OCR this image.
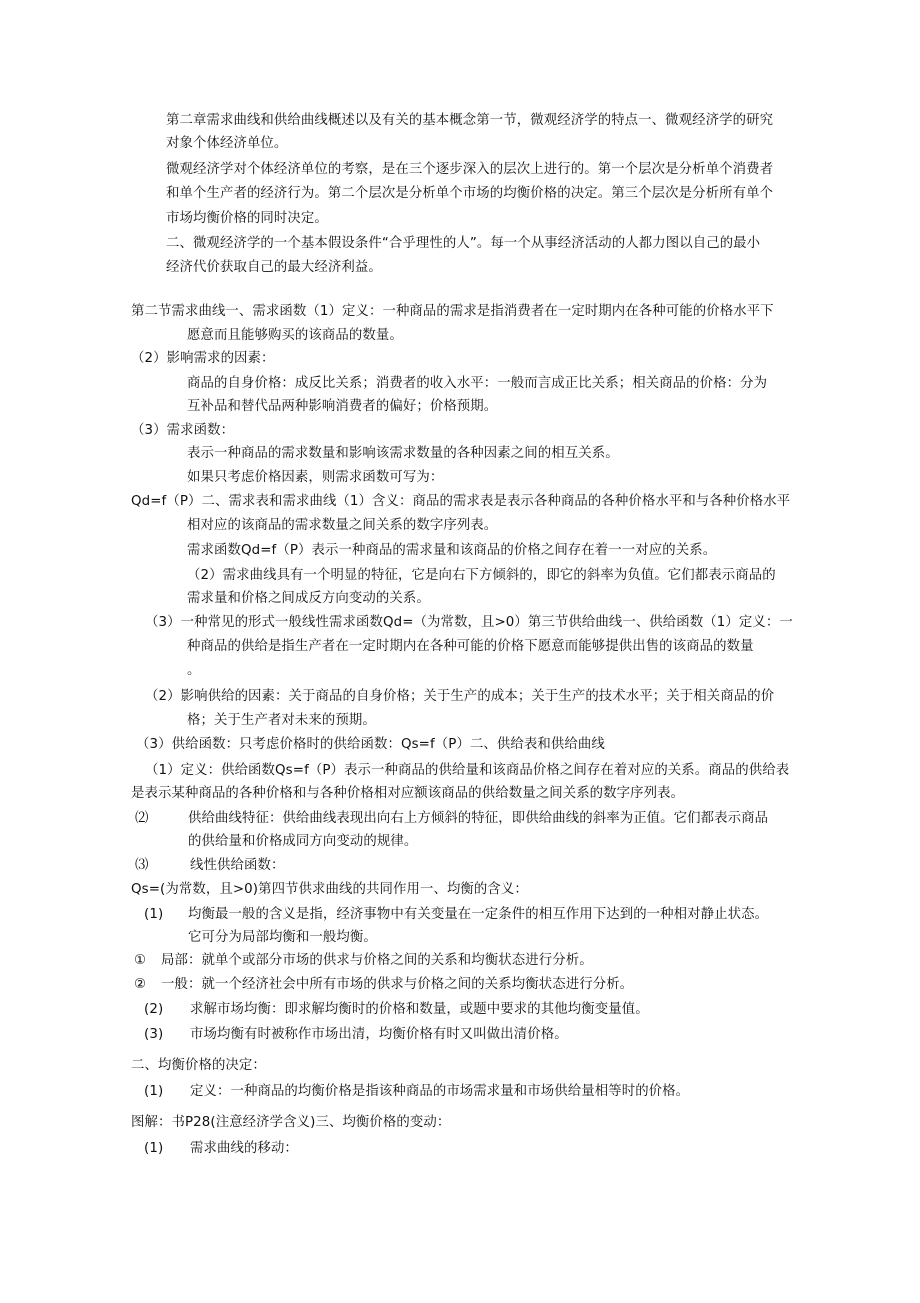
第二章需求曲线和供给曲线概述以及有关的基本概念第一节，微观经济学的特点一、微观经济学的研究
对象个体经济单位。
微观经济学对个体经济单位的考察，是在三个逐步深入的层次上进行的。第一个层次是分析单个消费者
和单个生产者的经济行为。第二个层次是分析单个市场的均衡价格的决定。第三个层次是分析所有单个
市场均衡价格的同时决定。
二、微观经济学的一个基本假设条件“合乎理性的人”。每一个从事经济活动的人都力图以自己的最小
经济代价获取自己的最大经济利益。
第二节需求曲线一、需求函数（1）定义：一种商品的需求是指消费者在一定时期内在各种可能的价格水平下
愿意而且能够购买的该商品的数量。
（2）影响需求的因素：
商品的自身价格：成反比关系；消费者的收入水平：一般而言成正比关系；相关商品的价格：分为
互补品和替代品两种影响消费者的偏好；价格预期。
（3）需求函数：
表示一种商品的需求数量和影响该需求数量的各种因素之间的相互关系。
如果只考虑价格因素，则需求函数可写为：
Qd=f（P）二、需求表和需求曲线（1）含义：商品的需求表是表示各种商品的各种价格水平和与各种价格水平
相对应的该商品的需求数量之间关系的数字序列表。
需求函数Qd=f（P）表示一种商品的需求量和该商品的价格之间存在着一一对应的关系。
（2）需求曲线具有一个明显的特征，它是向右下方倾斜的，即它的斜率为负值。它们都表示商品的
需求量和价格之间成反方向变动的关系。
（3）一种常见的形式一般线性需求函数Qd=（为常数，且>0）第三节供给曲线一、供给函数（1）定义：一
种商品的供给是指生产者在一定时期内在各种可能的价格下愿意而能够提供出售的该商品的数量
。
（2）影响供给的因素：关于商品的自身价格；关于生产的成本；关于生产的技术水平；关于相关商品的价
格；关于生产者对未来的预期。
（3）供给函数：只考虑价格时的供给函数：Qs=f（P）二、供给表和供给曲线
（1）定义：供给函数Qs=f（P）表示一种商品的供给量和该商品价格之间存在着对应的关系。商品的供给表
是表示某种商品的各种价格和与各种价格相对应额该商品的供给数量之间关系的数字序列表。
⑵	供给曲线特征：供给曲线表现出向右上方倾斜的特征，即供给曲线的斜率为正值。它们都表示商品
的供给量和价格成同方向变动的规律。
⑶	线性供给函数：
Qs=(为常数，且>0)第四节供求曲线的共同作用一、均衡的含义：
(1) 均衡最一般的含义是指，经济事物中有关变量在一定条件的相互作用下达到的一种相对静止状态。
它可分为局部均衡和一般均衡。
① 局部：就单个或部分市场的供求与价格之间的关系和均衡状态进行分析。
② 一般：就一个经济社会中所有市场的供求与价格之间的关系均衡状态进行分析。
(2) 求解市场均衡：即求解均衡时的价格和数量，或题中要求的其他均衡变量值。
(3) 市场均衡有时被称作市场出清，均衡价格有时又叫做出清价格。
二、均衡价格的决定：
(1) 定义：一种商品的均衡价格是指该种商品的市场需求量和市场供给量相等时的价格。
图解：书P28(注意经济学含义)三、均衡价格的变动：
(1) 需求曲线的移动：
